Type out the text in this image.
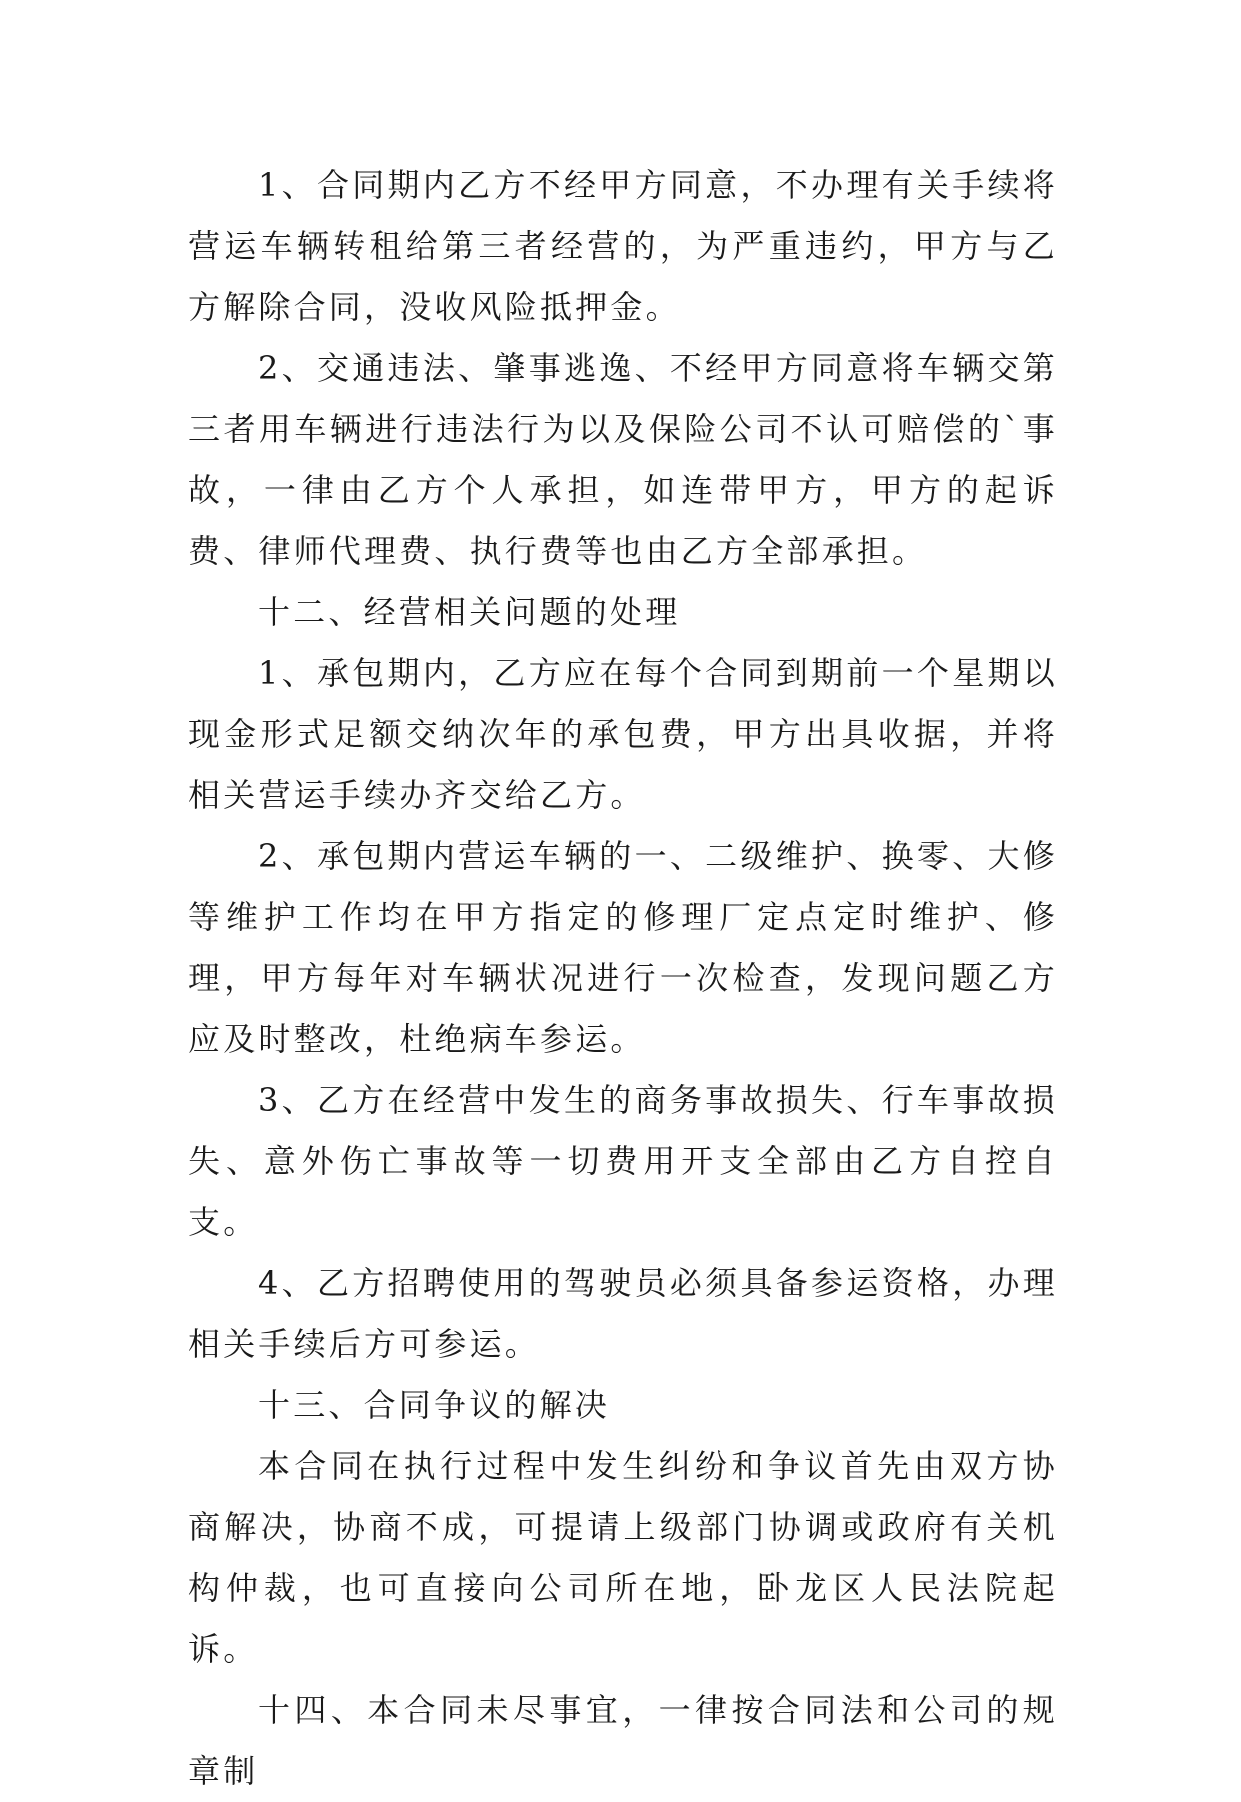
1、合同期内乙方不经甲方同意，不办理有关手续将营运车辆转租给第三者经营的，为严重违约，甲方与乙方解除合同，没收风险抵押金。

2、交通违法、肇事逃逸、不经甲方同意将车辆交第三者用车辆进行违法行为以及保险公司不认可赔偿的`事故，一律由乙方个人承担，如连带甲方，甲方的起诉费、律师代理费、执行费等也由乙方全部承担。

十二、经营相关问题的处理

1、承包期内，乙方应在每个合同到期前一个星期以现金形式足额交纳次年的承包费，甲方出具收据，并将相关营运手续办齐交给乙方。

2、承包期内营运车辆的一、二级维护、换零、大修等维护工作均在甲方指定的修理厂定点定时维护、修理，甲方每年对车辆状况进行一次检查，发现问题乙方应及时整改，杜绝病车参运。

3、乙方在经营中发生的商务事故损失、行车事故损失、意外伤亡事故等一切费用开支全部由乙方自控自支。

4、乙方招聘使用的驾驶员必须具备参运资格，办理相关手续后方可参运。

十三、合同争议的解决

本合同在执行过程中发生纠纷和争议首先由双方协商解决，协商不成，可提请上级部门协调或政府有关机构仲裁，也可直接向公司所在地，卧龙区人民法院起诉。

十四、本合同未尽事宜，一律按合同法和公司的规章制
